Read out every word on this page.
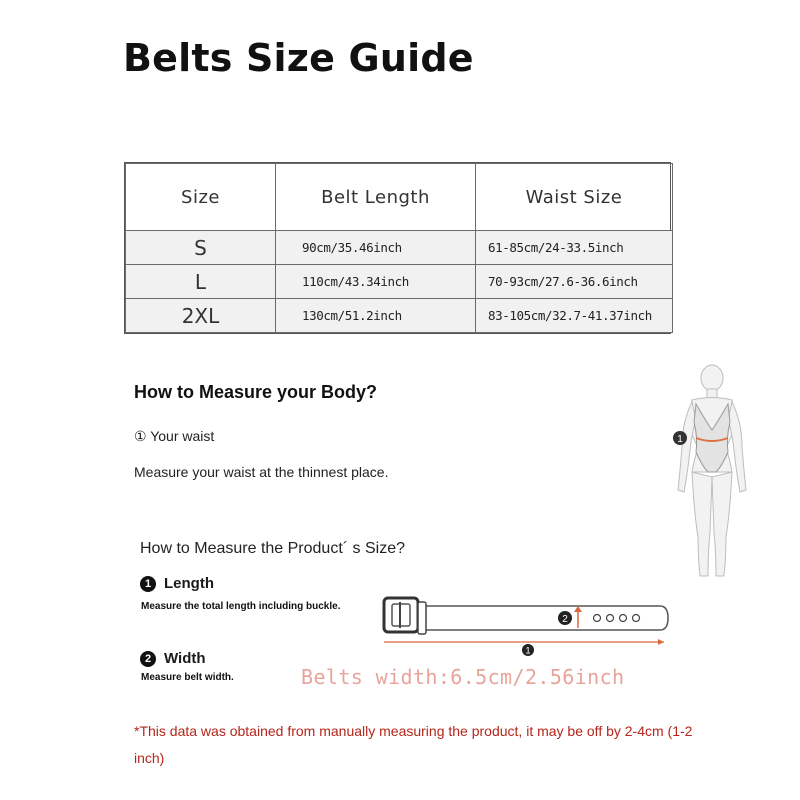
Belts Size Guide
Size	Belt Length	Waist Size
S	90cm/35.46inch	61-85cm/24-33.5inch
L	110cm/43.34inch	70-93cm/27.6-36.6inch
2XL	130cm/51.2inch	83-105cm/32.7-41.37inch
How to Measure your Body?
① Your waist
Measure your waist at the thinnest place.
1
How to Measure the Product´ s Size?
1 Length
Measure the total length including buckle.
2 Width
Measure belt width.
2
1
Belts width:6.5cm/2.56inch
*This data was obtained from manually measuring the product, it may be off by 2-4cm (1-2 inch)
